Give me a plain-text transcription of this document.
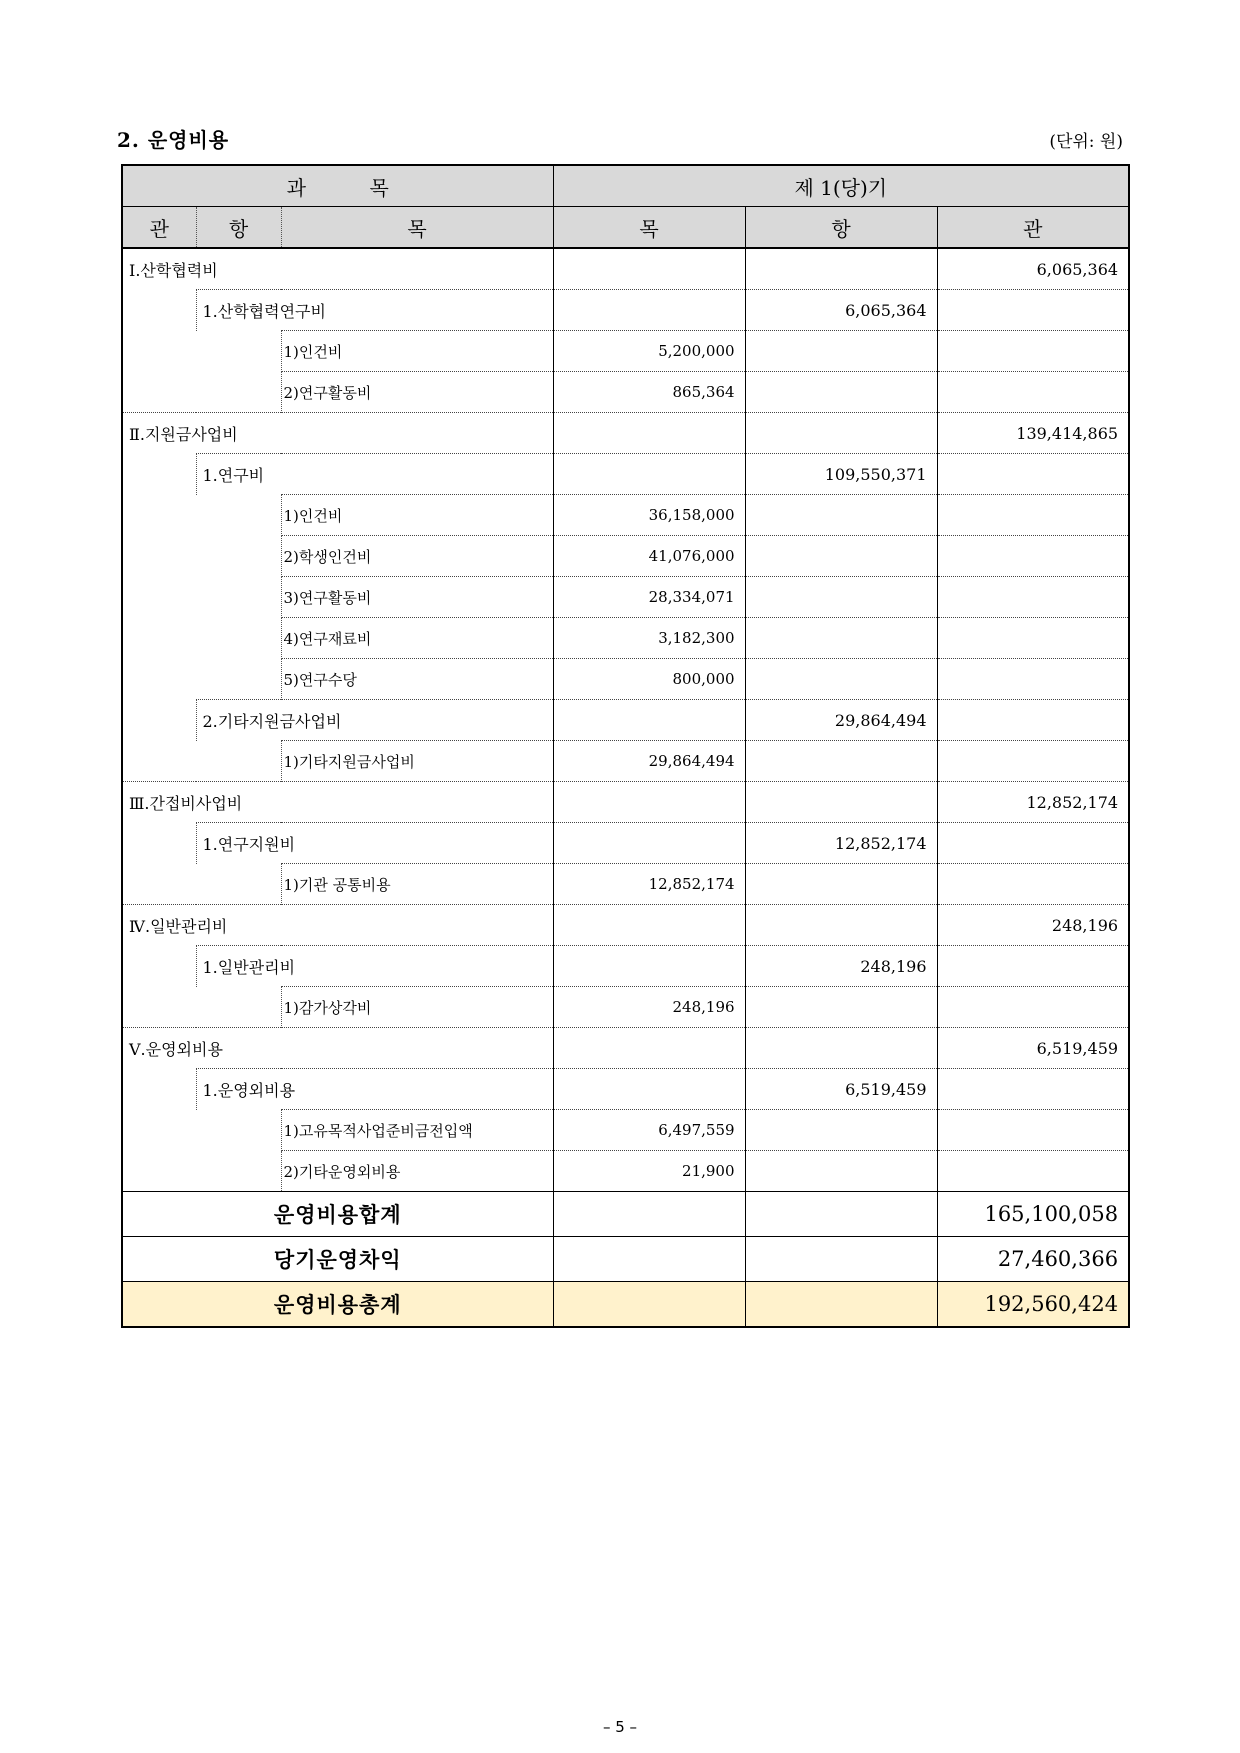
2. 운영비용	(단위: 원)
과          목			제 1(당)기		
관	항	목	목	항	관
Ⅰ.산학협력비					6,065,364
	1.산학협력연구비			6,065,364	
		1)인건비	5,200,000		
		2)연구활동비	865,364		
Ⅱ.지원금사업비					139,414,865
	1.연구비			109,550,371	
		1)인건비	36,158,000		
		2)학생인건비	41,076,000		
		3)연구활동비	28,334,071		
		4)연구재료비	3,182,300		
		5)연구수당	800,000		
	2.기타지원금사업비			29,864,494	
		1)기타지원금사업비	29,864,494		
Ⅲ.간접비사업비					12,852,174
	1.연구지원비			12,852,174	
		1)기관 공통비용	12,852,174		
Ⅳ.일반관리비					248,196
	1.일반관리비			248,196	
		1)감가상각비	248,196		
Ⅴ.운영외비용					6,519,459
	1.운영외비용			6,519,459	
		1)고유목적사업준비금전입액	6,497,559		
		2)기타운영외비용	21,900		
운영비용합계					165,100,058
당기운영차익					27,460,366
운영비용총계					192,560,424
– 5 –
